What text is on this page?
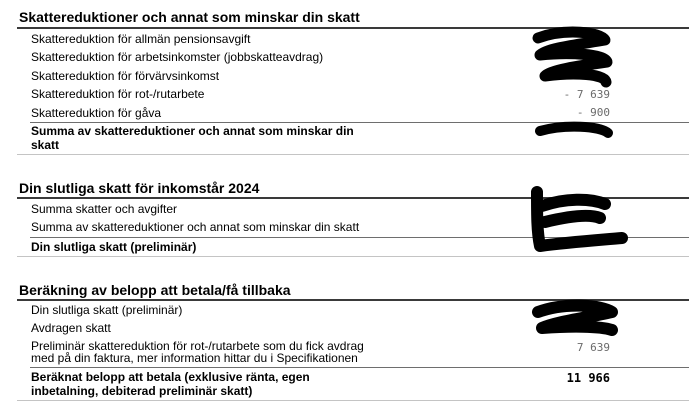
Skattereduktioner och annat som minskar din skatt
Skattereduktion för allmän pensionsavgift
Skattereduktion för arbetsinkomster (jobbskatteavdrag)
Skattereduktion för förvärvsinkomst
Skattereduktion för rot-/rutarbete	- 7 639
Skattereduktion för gåva	- 900
Summa av skattereduktioner och annat som minskar din
skatt
Din slutliga skatt för inkomstår 2024
Summa skatter och avgifter
Summa av skattereduktioner och annat som minskar din skatt
Din slutliga skatt (preliminär)
Beräkning av belopp att betala/få tillbaka
Din slutliga skatt (preliminär)
Avdragen skatt
Preliminär skattereduktion för rot-/rutarbete som du fick avdrag
med på din faktura, mer information hittar du i Specifikationen
7 639
Beräknat belopp att betala (exklusive ränta, egen
inbetalning, debiterad preliminär skatt)
11 966
